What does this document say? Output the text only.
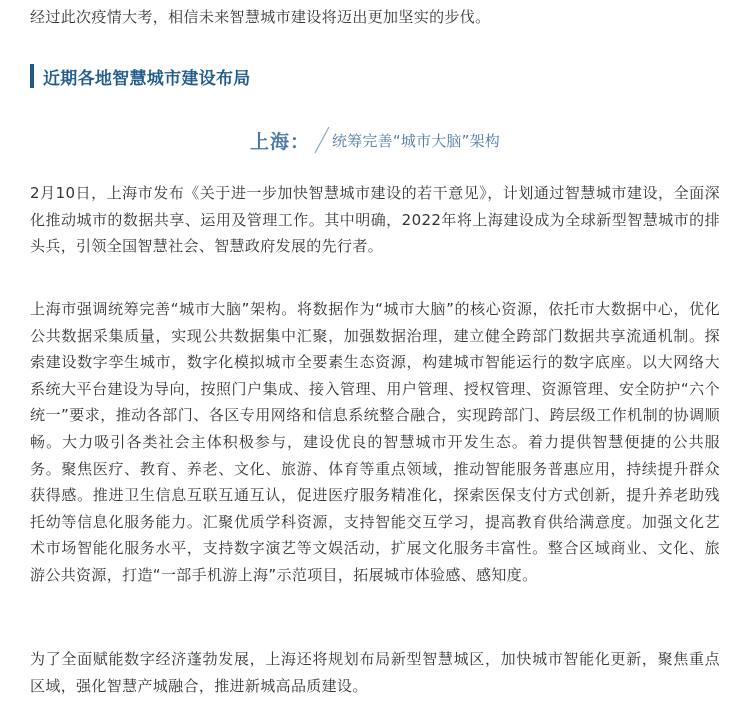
经过此次疫情大考，相信未来智慧城市建设将迈出更加坚实的步伐。

近期各地智慧城市建设布局
上海： 统筹完善“城市大脑”架构

2月10日，上海市发布《关于进一步加快智慧城市建设的若干意见》，计划通过智慧城市建设，全面深化推动城市的数据共享、运用及管理工作。其中明确，2022年将上海建设成为全球新型智慧城市的排头兵，引领全国智慧社会、智慧政府发展的先行者。

上海市强调统筹完善“城市大脑”架构。将数据作为“城市大脑”的核心资源，依托市大数据中心，优化公共数据采集质量，实现公共数据集中汇聚，加强数据治理，建立健全跨部门数据共享流通机制。探索建设数字孪生城市，数字化模拟城市全要素生态资源，构建城市智能运行的数字底座。以大网络大系统大平台建设为导向，按照门户集成、接入管理、用户管理、授权管理、资源管理、安全防护“六个统一”要求，推动各部门、各区专用网络和信息系统整合融合，实现跨部门、跨层级工作机制的协调顺畅。大力吸引各类社会主体积极参与，建设优良的智慧城市开发生态。着力提供智慧便捷的公共服务。聚焦医疗、教育、养老、文化、旅游、体育等重点领域，推动智能服务普惠应用，持续提升群众获得感。推进卫生信息互联互通互认，促进医疗服务精准化，探索医保支付方式创新，提升养老助残托幼等信息化服务能力。汇聚优质学科资源，支持智能交互学习，提高教育供给满意度。加强文化艺术市场智能化服务水平，支持数字演艺等文娱活动，扩展文化服务丰富性。整合区域商业、文化、旅游公共资源，打造“一部手机游上海”示范项目，拓展城市体验感、感知度。

为了全面赋能数字经济蓬勃发展，上海还将规划布局新型智慧城区，加快城市智能化更新，聚焦重点区域，强化智慧产城融合，推进新城高品质建设。
